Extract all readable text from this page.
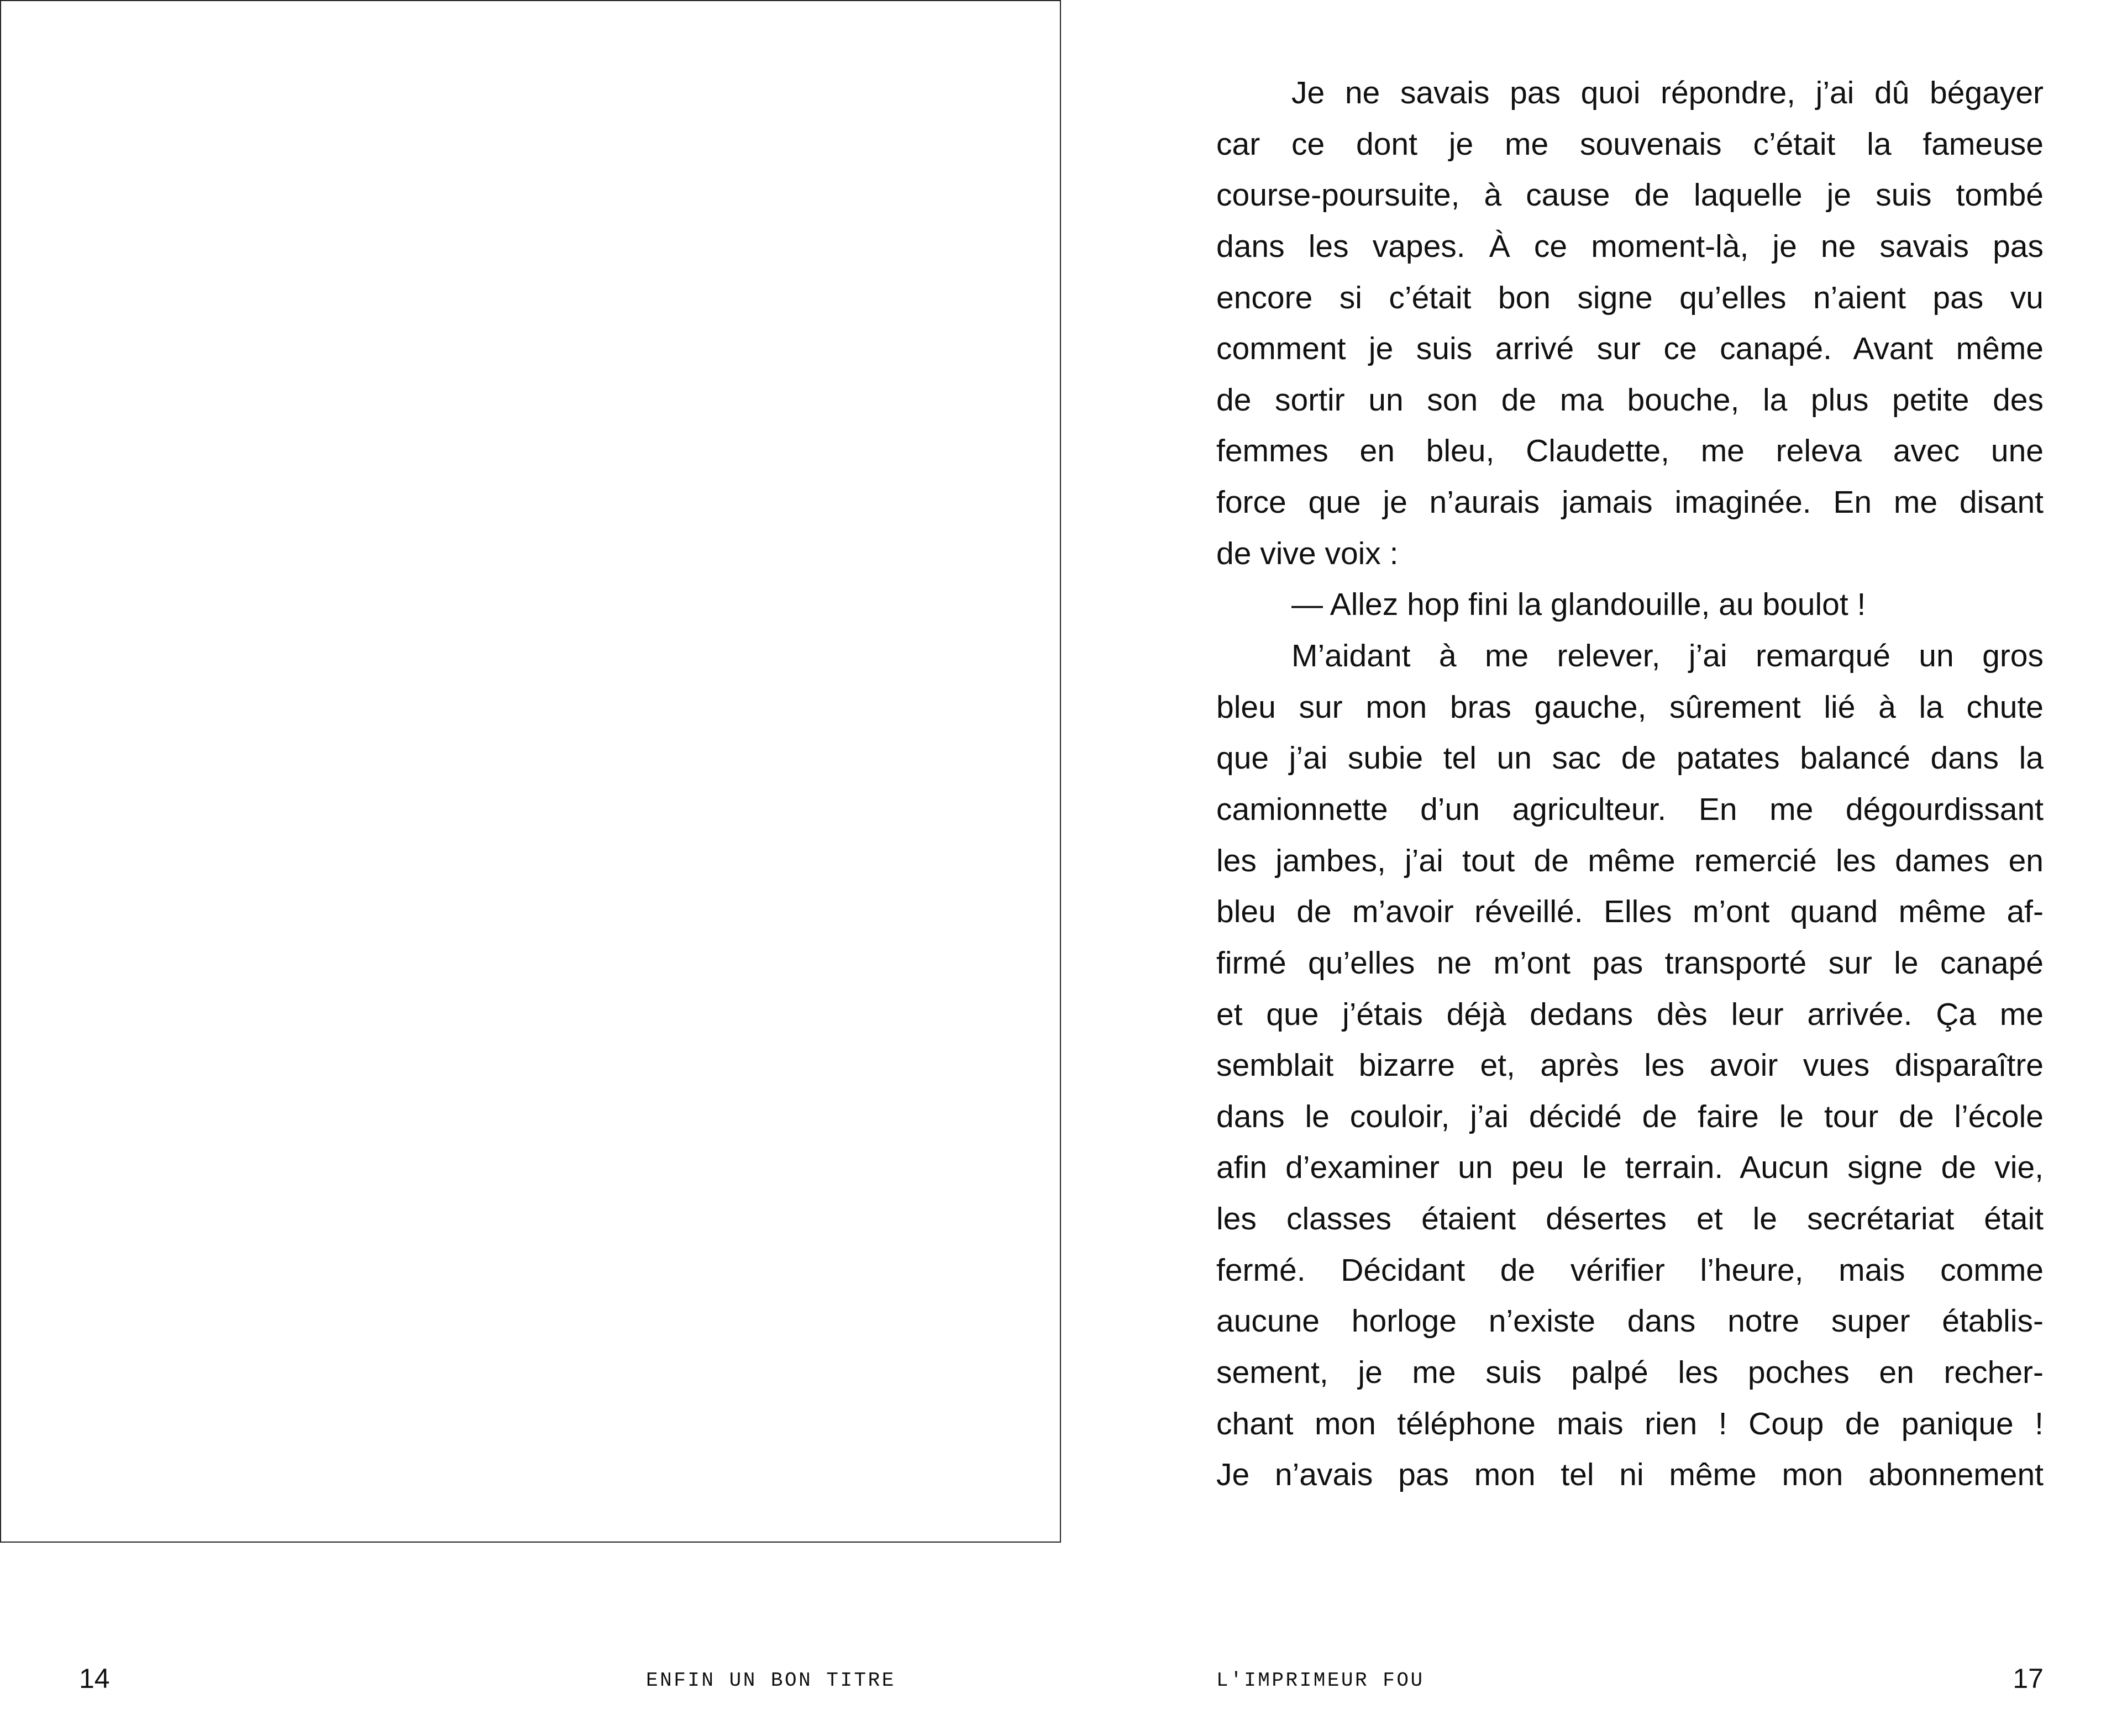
Je ne savais pas quoi répondre, j’ai dû bégayer
car ce dont je me souvenais c’était la fameuse
course-poursuite, à cause de laquelle je suis tombé
dans les vapes. À ce moment-là, je ne savais pas
encore si c’était bon signe qu’elles n’aient pas vu
comment je suis arrivé sur ce canapé. Avant même
de sortir un son de ma bouche, la plus petite des
femmes en bleu, Claudette, me releva avec une
force que je n’aurais jamais imaginée. En me disant
de vive voix :
— Allez hop fini la glandouille, au boulot !
M’aidant à me relever, j’ai remarqué un gros
bleu sur mon bras gauche, sûrement lié à la chute
que j’ai subie tel un sac de patates balancé dans la
camionnette d’un agriculteur. En me dégourdissant
les jambes, j’ai tout de même remercié les dames en
bleu de m’avoir réveillé. Elles m’ont quand même af-
firmé qu’elles ne m’ont pas transporté sur le canapé
et que j’étais déjà dedans dès leur arrivée. Ça me
semblait bizarre et, après les avoir vues disparaître
dans le couloir, j’ai décidé de faire le tour de l’école
afin d’examiner un peu le terrain. Aucun signe de vie,
les classes étaient désertes et le secrétariat était
fermé. Décidant de vérifier l’heure, mais comme
aucune horloge n’existe dans notre super établis-
sement, je me suis palpé les poches en recher-
chant mon téléphone mais rien ! Coup de panique !
Je n’avais pas mon tel ni même mon abonnement
14	ENFIN UN BON TITRE	L'IMPRIMEUR FOU	17
